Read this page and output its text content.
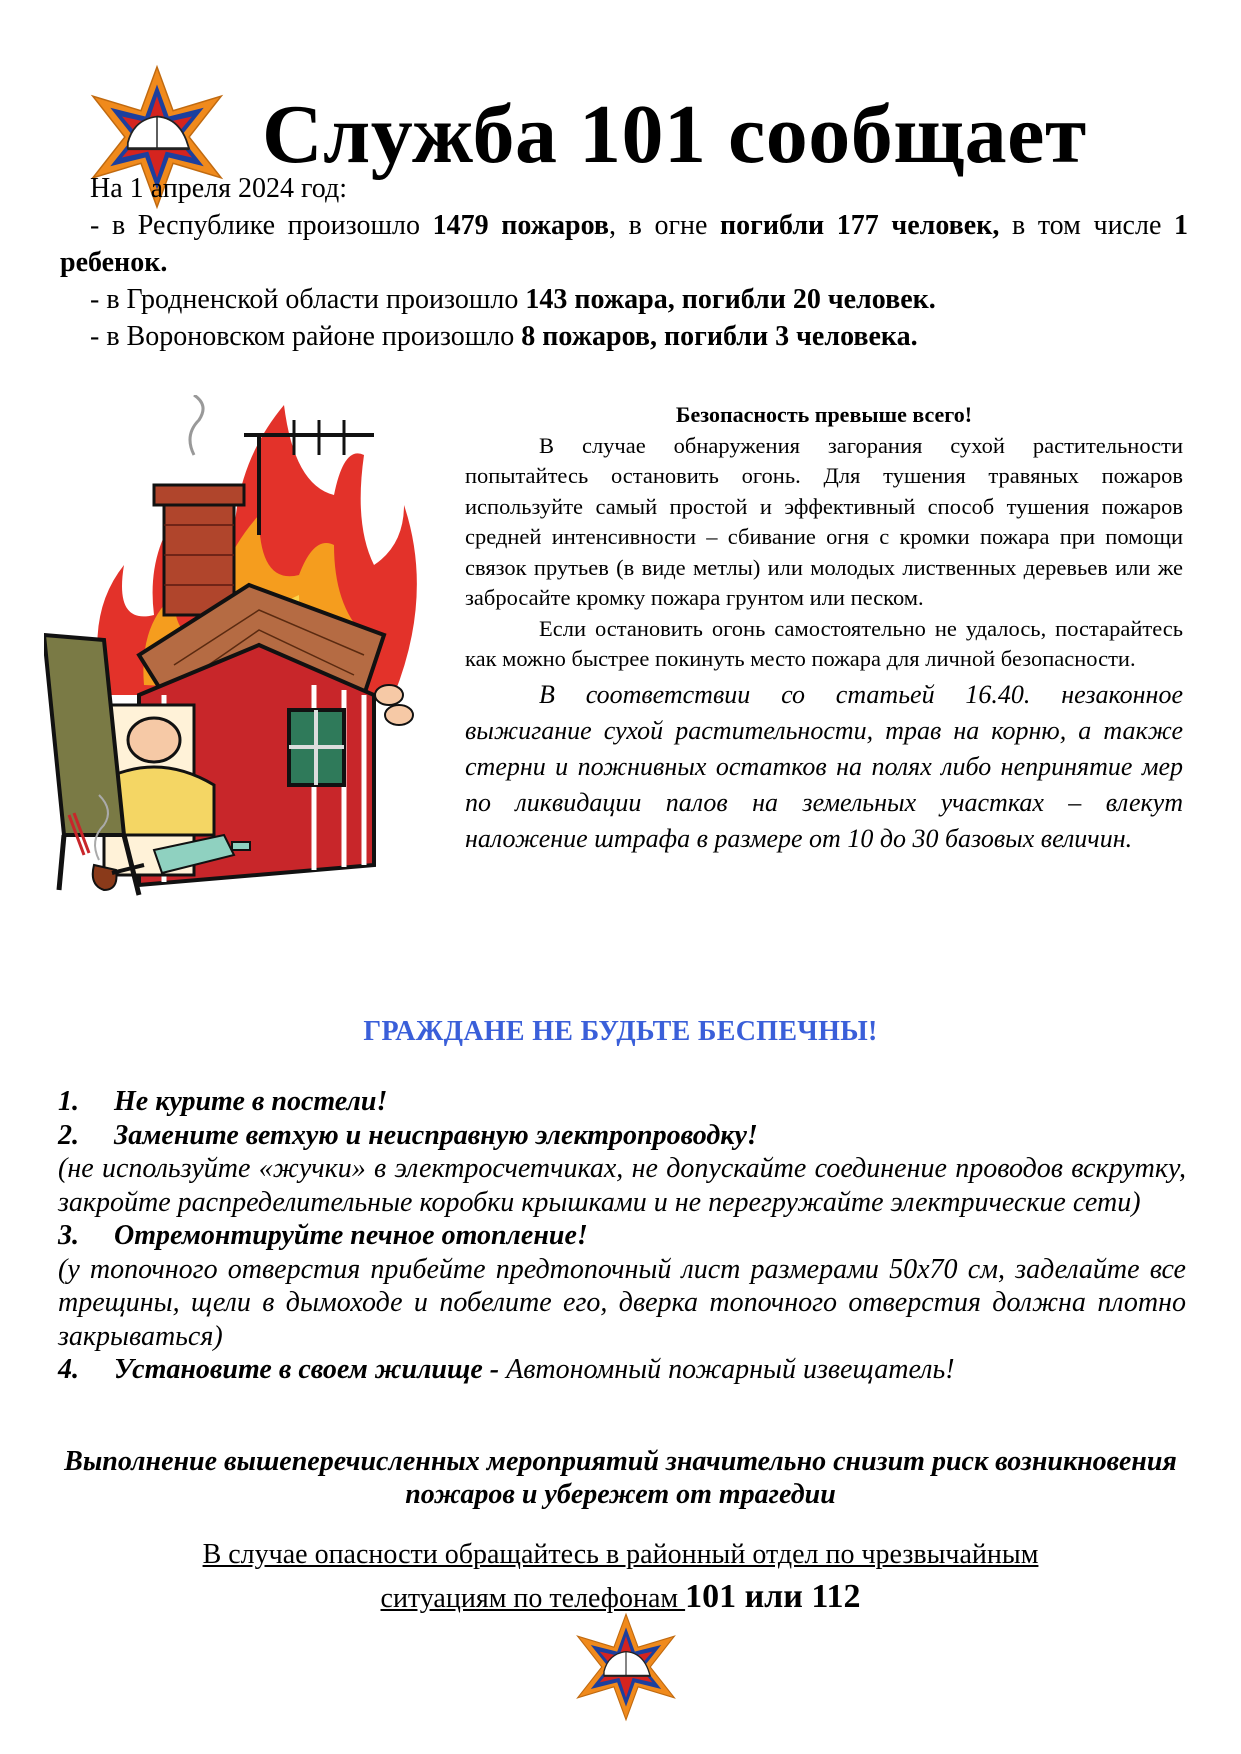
Служба 101 сообщает

На 1 апреля 2024 год:

- в Республике произошло 1479 пожаров, в огне погибли 177 человек, в том числе 1 ребенок.

- в Гродненской области произошло 143 пожара, погибли 20 человек.

- в Вороновском районе произошло 8 пожаров, погибли 3 человека.

Безопасность превыше всего!

В случае обнаружения загорания сухой растительности попытайтесь остановить огонь. Для тушения травяных пожаров используйте самый простой и эффективный способ тушения пожаров средней интенсивности – сбивание огня с кромки пожара при помощи связок прутьев (в виде метлы) или молодых лиственных деревьев или же забросайте кромку пожара грунтом или песком.

Если остановить огонь самостоятельно не удалось, постарайтесь как можно быстрее покинуть место пожара для личной безопасности.

В соответствии со статьей 16.40. незаконное выжигание сухой растительности, трав на корню, а также стерни и пожнивных остатков на полях либо непринятие мер по ликвидации палов на земельных участках – влекут наложение штрафа в размере от 10 до 30 базовых величин.

ГРАЖДАНЕ НЕ БУДЬТЕ БЕСПЕЧНЫ!
1. Не курите в постели!
2. Замените ветхую и неисправную электропроводку!
(не используйте «жучки» в электросчетчиках, не допускайте соединение проводов вскрутку, закройте распределительные коробки крышками и не перегружайте электрические сети)
3. Отремонтируйте печное отопление!
(у топочного отверстия прибейте предтопочный лист размерами 50х70 см, заделайте все трещины, щели в дымоходе и побелите его, дверка топочного отверстия должна плотно закрываться)
4. Установите в своем жилище - Автономный пожарный извещатель!
Выполнение вышеперечисленных мероприятий значительно снизит риск возникновения пожаров и убережет от трагедии
В случае опасности обращайтесь в районный отдел по чрезвычайным
ситуациям по телефонам 101 или 112
